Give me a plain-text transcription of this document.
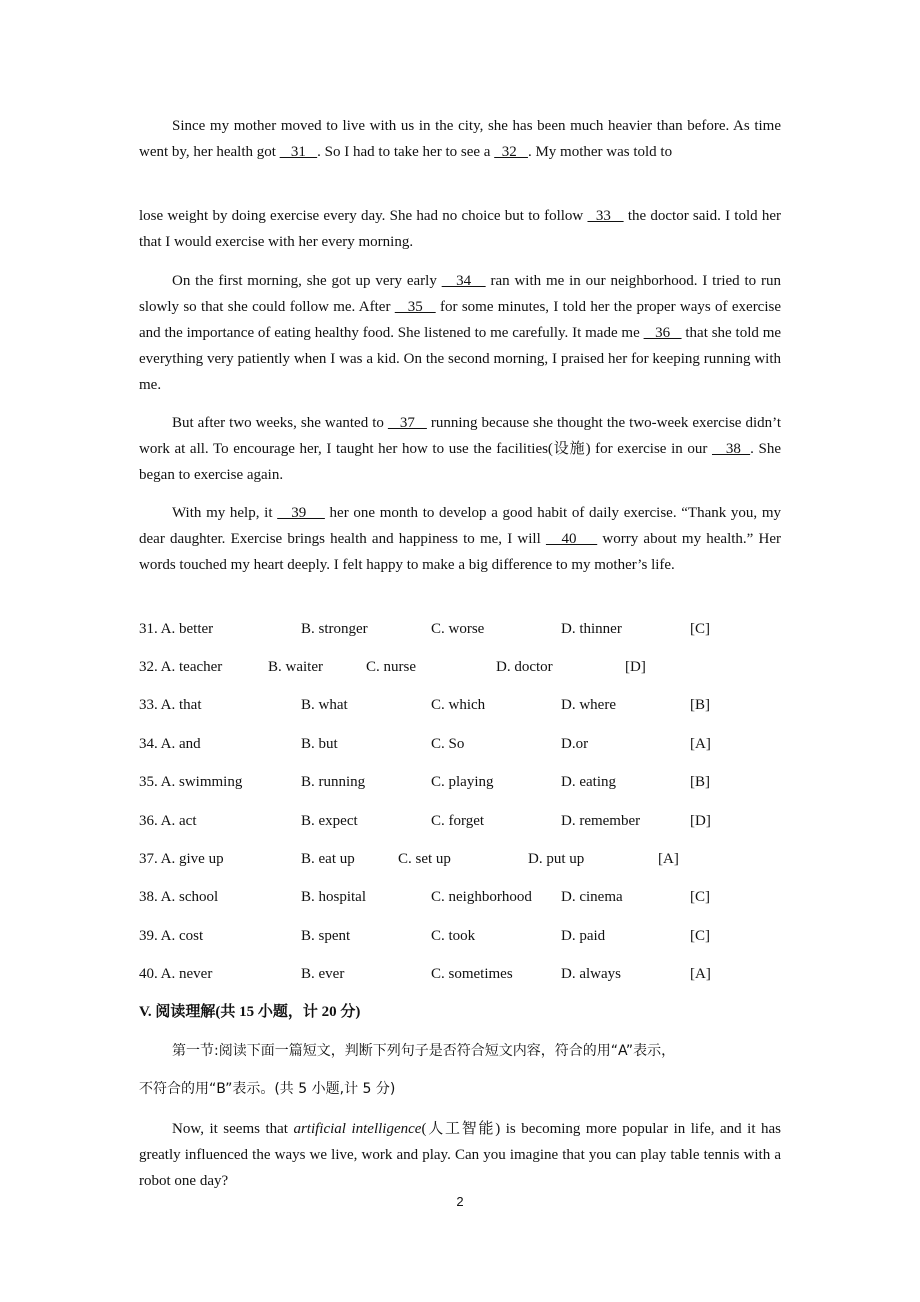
Since my mother moved to live with us in the city, she has been much heavier than before. As time went by, her health got    31   . So I had to take her to see a   32   . My mother was told to

lose weight by doing exercise every day. She had no choice but to follow   33    the doctor said. I told her that I would exercise with her every morning.

On the first morning, she got up very early    34    ran with me in our neighborhood. I tried to run slowly so that she could follow me. After    35    for some minutes, I told her the proper ways of exercise and the importance of eating healthy food. She listened to me carefully. It made me    36    that she told me everything very patiently when I was a kid. On the second morning, I praised her for keeping running with me.

But after two weeks, she wanted to    37    running because she thought the two-week exercise didn’t work at all. To encourage her, I taught her how to use the facilities(设施) for exercise in our    38  . She began to exercise again.

With my help, it    39     her one month to develop a good habit of daily exercise. “Thank you, my dear daughter. Exercise brings health and happiness to me, I will    40     worry about my health.” Her words touched my heart deeply. I felt happy to make a big difference to my mother’s life.

31. A. better	B. stronger	C. worse	D. thinner	[C]
32. A. teacher	B. waiter	C. nurse	D. doctor	[D]
33. A. that	B. what	C. which	D. where	[B]
34. A. and	B. but	C. So	D.or	[A]
35. A. swimming	B. running	C. playing	D. eating	[B]
36. A. act	B. expect	C. forget	D. remember	[D]
37. A. give up	B. eat up	C. set up	D. put up	[A]
38. A. school	B. hospital	C. neighborhood D. cinema	[C]
39. A. cost	B. spent	C. took	D. paid	[C]
40. A. never	B. ever	C. sometimes	D. always	[A]
V. 阅读理解(共 15 小题，计 20 分)
第一节:阅读下面一篇短文，判断下列句子是否符合短文内容，符合的用“A”表示，
不符合的用“B”表示。(共 5 小题,计 5 分)

Now, it seems that artificial intelligence(人工智能) is becoming more popular in life, and it has greatly influenced the ways we live, work and play. Can you imagine that you can play table tennis with a robot one day?

2
